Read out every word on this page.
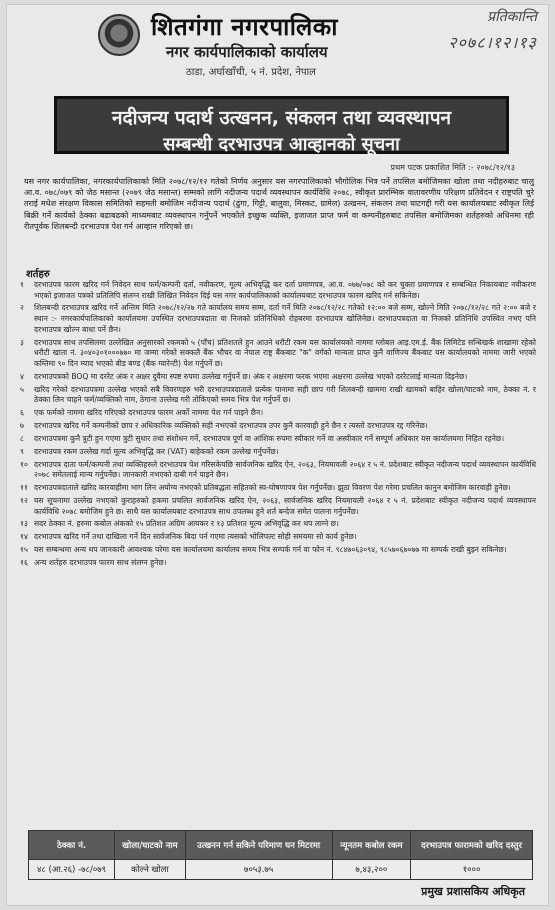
शितगंगा नगरपालिका
नगर कार्यपालिकाको कार्यालय
ठाडा, अर्घाखाँची, ५ नं. प्रदेश, नेपाल
प्रतिकान्ति
२०७८।१२।१३
नदीजन्य पदार्थ उत्खनन, संकलन तथा व्यवस्थापन
सम्बन्धी दरभाउपत्र आव्हानको सूचना
प्रथम पटक प्रकाशित मिति :- २०७८/१२/१३
यस नगर कार्यपालिका, नगरकार्यपालिकाको मिति २०७८/१२/१२ गतेको निर्णय अनुसार यस नगरपालिकाको भौगोलिक भित्र पर्ने तपसिल बमोजिमका खोला तथा नदीहरुबाट चालु आ.व. ०७८/०७९ को जेठ मसान्त (२०७९ जेठ मसान्त) सम्मको लागि नदीजन्य पदार्थ व्यवस्थापन कार्यविधि २०७८, स्वीकृत प्रारम्भिक वातावरणीय परिक्षण प्रतिवेदन र राष्ट्रपति चुरे तराई मधेश संरक्षण विकास समितिको सहमती बमोजिम नदीजन्य पदार्थ (ढुंगा, गिट्टी, बालुवा, मिस्कट, ग्रामेल) उत्खनन, संकलन तथा घाटगद्दी गरी यस कार्यालयबाट स्वीकृत लिई बिक्री गर्ने कार्यको ठेक्का बढाबढको माध्यमबाट व्यवस्थापन गर्नुपर्ने भएकोले इच्छुक व्यक्ति, इजाजत प्राप्त फर्म वा कम्पनीहरुबाट तपसिल बमोजिमका शर्तहरुको अधिनमा रही रीतपूर्वक शिलबन्दी दरभाउपत्र पेश गर्न आव्हान गरिएको छ।
शर्तहरु
१	दरभाउपत्र फारम खरिद गर्न निवेदन साथ फर्म/कम्पनी दर्ता, नवीकरण, मूल्य अभिवृद्धि कर दर्ता प्रमाणपत्र, आ.व. ०७७/०७८ को कर चुक्ता प्रमाणपत्र र सम्बन्धित निकायबाट नवीकरण भएको इजाजत पत्रको प्रतिलिपि संलग्न राखी लिखित निवेदन दिई यस नगर कार्यपालिकाको कार्यालयबाट दरभाउपत्र फारम खरिद गर्न सकिनेछ।
२	शिलबन्दी दरभाउपत्र खरिद गर्ने अन्तिम मिति २०७८/१२/२७ गते कार्यालय समय सम्म, दर्ता गर्ने मिति २०७८/१२/२८ गतेको १२:०० बजे सम्म, खोल्ने मिति २०७८/१२/२८ गते २:०० बजे र स्थान :- नगरकार्यपालिकाको कार्यालयमा उपस्थित दरभाउपत्रदाता वा निजको प्रतिनिधिको रोहबरमा दरभाउपत्र खोलिनेछ। दरभाउपत्रदाता वा निजको प्रतिनिधि उपस्थित नभए पनि दरभाउपत्र खोल्न बाधा पर्ने छैन।
३	दरभाउपत्र साथ तपसिलमा उल्लेखित अनुसारको रकमको ५ (पाँच) प्रतिशतले हुन आउने धरौटी रकम यस कार्यालयको नाममा ग्लोबल आइ.एम.ई. बैंक लिमिटेड सन्धिखर्क शाखामा रहेको धरौटी खाता नं. ३०४०३०१०००७७० मा जम्मा गरेको सक्कलै बैंक भौचर वा नेपाल राष्ट्र बैंकबाट "क" वर्गको मान्यता प्राप्त कुनै वाणिज्य बैंकबाट यस कार्यालयको नाममा जारी भएको कम्तिमा ९० दिन म्याद भएको बीड बण्ड (बैंक ग्यारेन्टी) पेश गर्नुपर्ने छ।
४	दरभाउपत्रको BOQ मा दररेट अंक र अक्षर दुवैमा स्पष्ट रुपमा उल्लेख गर्नुपर्ने छ। अंक र अक्षरमा फरक भएमा अक्षरमा उल्लेख भएको दररेटलाई मान्यता दिइनेछ।
५	खरिद गरेको दरभाउपत्रमा उल्लेख भएको सबै विवरणहरु भरी दरभाउपत्रदाताले प्रत्येक पानामा सही छाप गरी शिलबन्दी खाममा राखी खामको बाहिर खोला/घाटको नाम, ठेक्का नं. र ठेक्का लिन चाहने फर्म/व्यक्तिको नाम, ठेगाना उल्लेख गरी तोकिएको समय भित्र पेश गर्नुपर्ने छ।
६	एक फर्मको नाममा खरिद गरिएको दरभाउपत्र फारम अर्को नाममा पेश गर्न पाइने छैन।
७	दरभाउपत्र खरिद गर्ने कम्पनीको छाप र अधिकारिक व्यक्तिको सही नभएको दरभाउपत्र उपर कुनै कारवाही हुने छैन र त्यस्तो दरभाउपत्र रद्द गरिनेछ।
८	दरभाउपत्रमा कुनै त्रुटी हुन गएमा त्रुटी सुधार तथा संशोधन गर्ने, दरभाउपत्र पूर्ण वा आंशिक रुपमा स्वीकार गर्ने वा अस्वीकार गर्ने सम्पूर्ण अधिकार यस कार्यालयमा निहित रहनेछ।
९	दरभाउपत्र रकम उल्लेख गर्दा मूल्य अभिवृद्धि कर (VAT) बाहेकको रकम उल्लेख गर्नुपर्नेछ।
१० दरभाउपत्र दाता फर्म/कम्पनी तथा व्यक्तिहरुले दरभाउपत्र पेश गरिसकेपछि सार्वजनिक खरिद ऐन, २०६३, नियमावली २०६४ र ५ नं. प्रदेशबाट स्वीकृत नदीजन्य पदार्थ व्यवस्थापन कार्यविधि २०७८ समेतलाई मान्य गर्नुपर्नेछ। जानकारी नभएको दाबी गर्न पाइने छैन।
११ दरभाउपत्रदाताले खरिद कारवाहीमा भाग लिन अयोग्य नभएको प्रतिबद्धता सहितको स्व-घोषणापत्र पेश गर्नुपर्नेछ। झुठा विवरण पेश गरेमा प्रचलित कानुन बमोजिम कारवाही हुनेछ।
१२ यस सूचनामा उल्लेख नभएको कुराहरुको हकमा प्रचलित सार्वजनिक खरिद ऐन, २०६३, सार्वजनिक खरिद नियमावली २०६४ र ५ नं. प्रदेशबाट स्वीकृत नदीजन्य पदार्थ व्यवस्थापन कार्यविधि २०७८ बमोजिम हुने छ। साथै यस कार्यालयबाट दरभाउपत्र साथ उपलब्ध हुने शर्त बन्देज समेत पालना गर्नुपर्नेछ।
१३ सदर ठेक्का नं. हरुमा कबोल अंकको १५ प्रतिशत अग्रिम आयकर र १३ प्रतिशत मूल्य अभिवृद्धि कर थप लाग्ने छ।
१४ दरभाउपत्र खरिद गर्ने तथा दाखिला गर्ने दिन सार्वजनिक बिदा पर्न गएमा त्यसको भोलिपल्ट सोही समयमा सो कार्य हुनेछ।
१५ यस सम्बन्धमा अन्य थप जानकारी आवश्यक परेमा यस कार्यालयमा कार्यालय समय भित्र सम्पर्क गर्न वा फोन नं. ९८४७०६३०९४, ९८५७०६७०७७ मा सम्पर्क राखी बुझ्न सकिनेछ।
१६ अन्य शर्तहरु दरभाउपत्र फारम साथ संलग्न हुनेछ।
ठेक्का नं.	खोला/घाटको नाम	उत्खनन गर्न सकिने परिमाण घन मिटरमा	न्यूनतम कबोल रकम	दरभाउपत्र फारामको खरिद दस्तुर
४८ (आ.२६) -७८/०७९	कोल्ने खोला	७०५३.७५	७,४३,२००	१०००
प्रमुख प्रशासकिय अधिकृत
